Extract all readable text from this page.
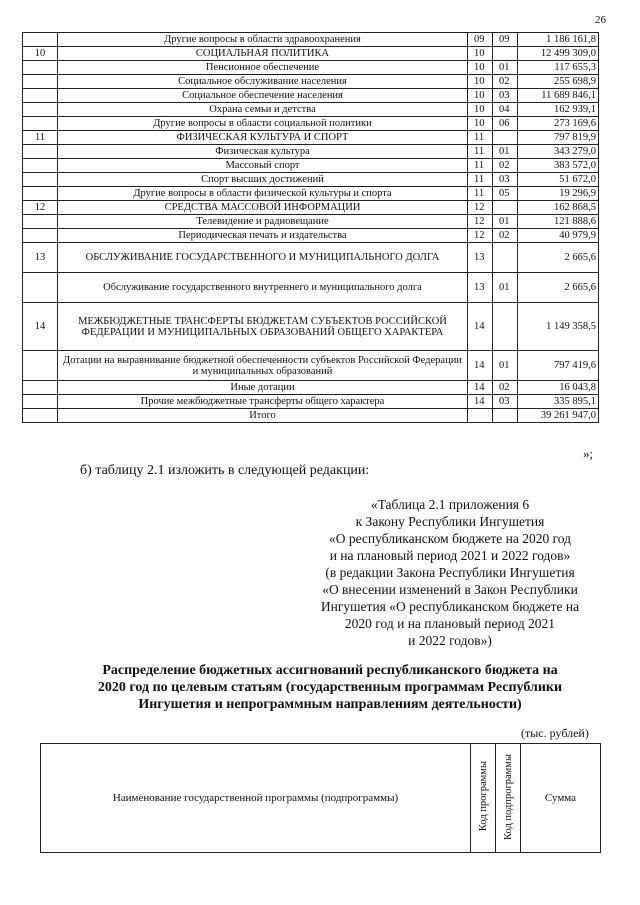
26
	Другие вопросы в области здравоохранения	09	09	1 186 161,8
10	СОЦИАЛЬНАЯ ПОЛИТИКА	10		12 499 309,0
	Пенсионное обеспечение	10	01	117 655,3
	Социальное обслуживание населения	10	02	255 698,9
	Социальное обеспечение населения	10	03	11 689 846,1
	Охрана семьи и детства	10	04	162 939,1
	Другие вопросы в области социальной политики	10	06	273 169,6
11	ФИЗИЧЕСКАЯ КУЛЬТУРА И СПОРТ	11		797 819,9
	Физическая культура	11	01	343 279,0
	Массовый спорт	11	02	383 572,0
	Спорт высших достижений	11	03	51 672,0
	Другие вопросы в области физической культуры и спорта	11	05	19 296,9
12	СРЕДСТВА МАССОВОЙ ИНФОРМАЦИИ	12		162 868,5
	Телевидение и радиовещание	12	01	121 888,6
	Периодическая печать и издательства	12	02	40 979,9
13	ОБСЛУЖИВАНИЕ ГОСУДАРСТВЕННОГО И МУНИЦИПАЛЬНОГО ДОЛГА	13		2 665,6
	Обслуживание государственного внутреннего и муниципального долга	13	01	2 665,6
14	МЕЖБЮДЖЕТНЫЕ ТРАНСФЕРТЫ БЮДЖЕТАМ СУБЪЕКТОВ РОССИЙСКОЙ ФЕДЕРАЦИИ И МУНИЦИПАЛЬНЫХ ОБРАЗОВАНИЙ ОБЩЕГО ХАРАКТЕРА	14		1 149 358,5
	Дотации на выравнивание бюджетной обеспеченности субъектов Российской Федерации и муниципальных образований	14	01	797 419,6
	Иные дотации	14	02	16 043,8
	Прочие межбюджетные трансферты общего характера	14	03	335 895,1
	Итого			39 261 947,0
»;
б) таблицу 2.1 изложить в следующей редакции:
«Таблица 2.1 приложения 6
к Закону Республики Ингушетия
«О республиканском бюджете на 2020 год
и на плановый период 2021 и 2022 годов»
(в редакции Закона Республики Ингушетия
«О внесении изменений в Закон Республики
Ингушетия «О республиканском бюджете на
2020 год и на плановый период 2021
и 2022 годов»)
Распределение бюджетных ассигнований республиканского бюджета на
2020 год по целевым статьям (государственным программам Республики
Ингушетия и непрограммным направлениям деятельности)
(тыс. рублей)
Наименование государственной программы (подпрограммы)	Код программы	Код подпрограммы	Сумма
